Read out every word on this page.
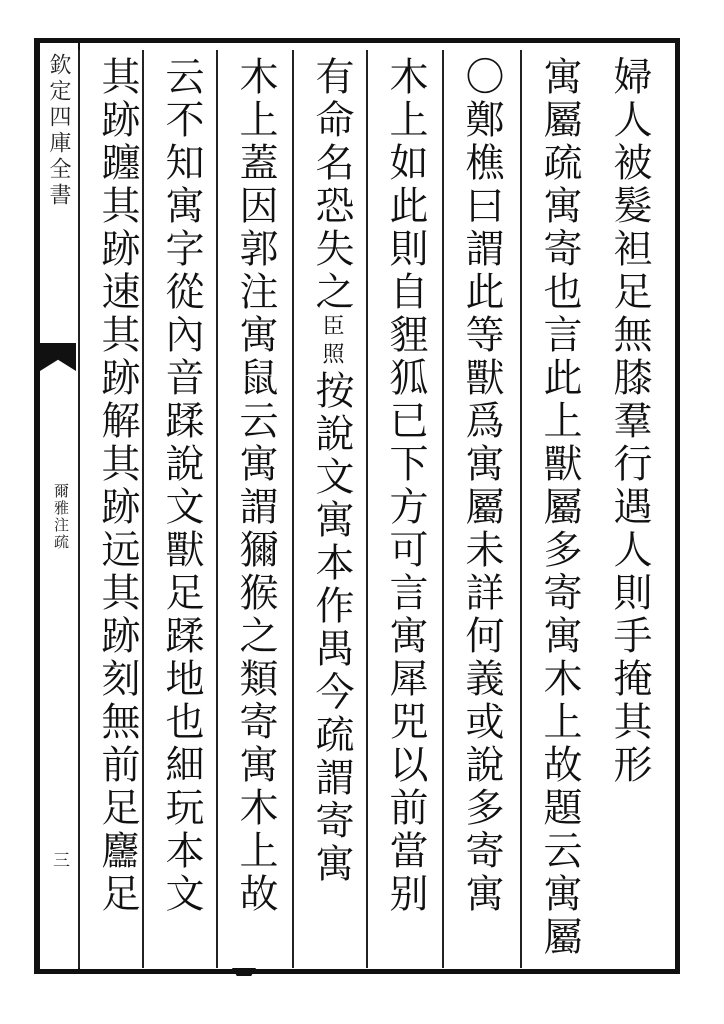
欽定四庫全書
爾雅注疏
三
婦人被髮袒足無膝羣行遇人則手掩其形
寓屬疏寓寄也言此上獸屬多寄寓木上故題云寓屬
〇鄭樵曰謂此等獸爲寓屬未詳何義或說多寄寓
木上如此則自貍狐已下方可言寓犀兕以前當别
有命名恐失之臣照按說文寓本作禺今疏謂寄寓
木上蓋因郭注寓鼠云寓謂獮猴之類寄寓木上故
云不知寓字從內音蹂說文獸足蹂地也細玩本文
其跡躔其跡速其跡解其跡远其跡刻無前足麢足
